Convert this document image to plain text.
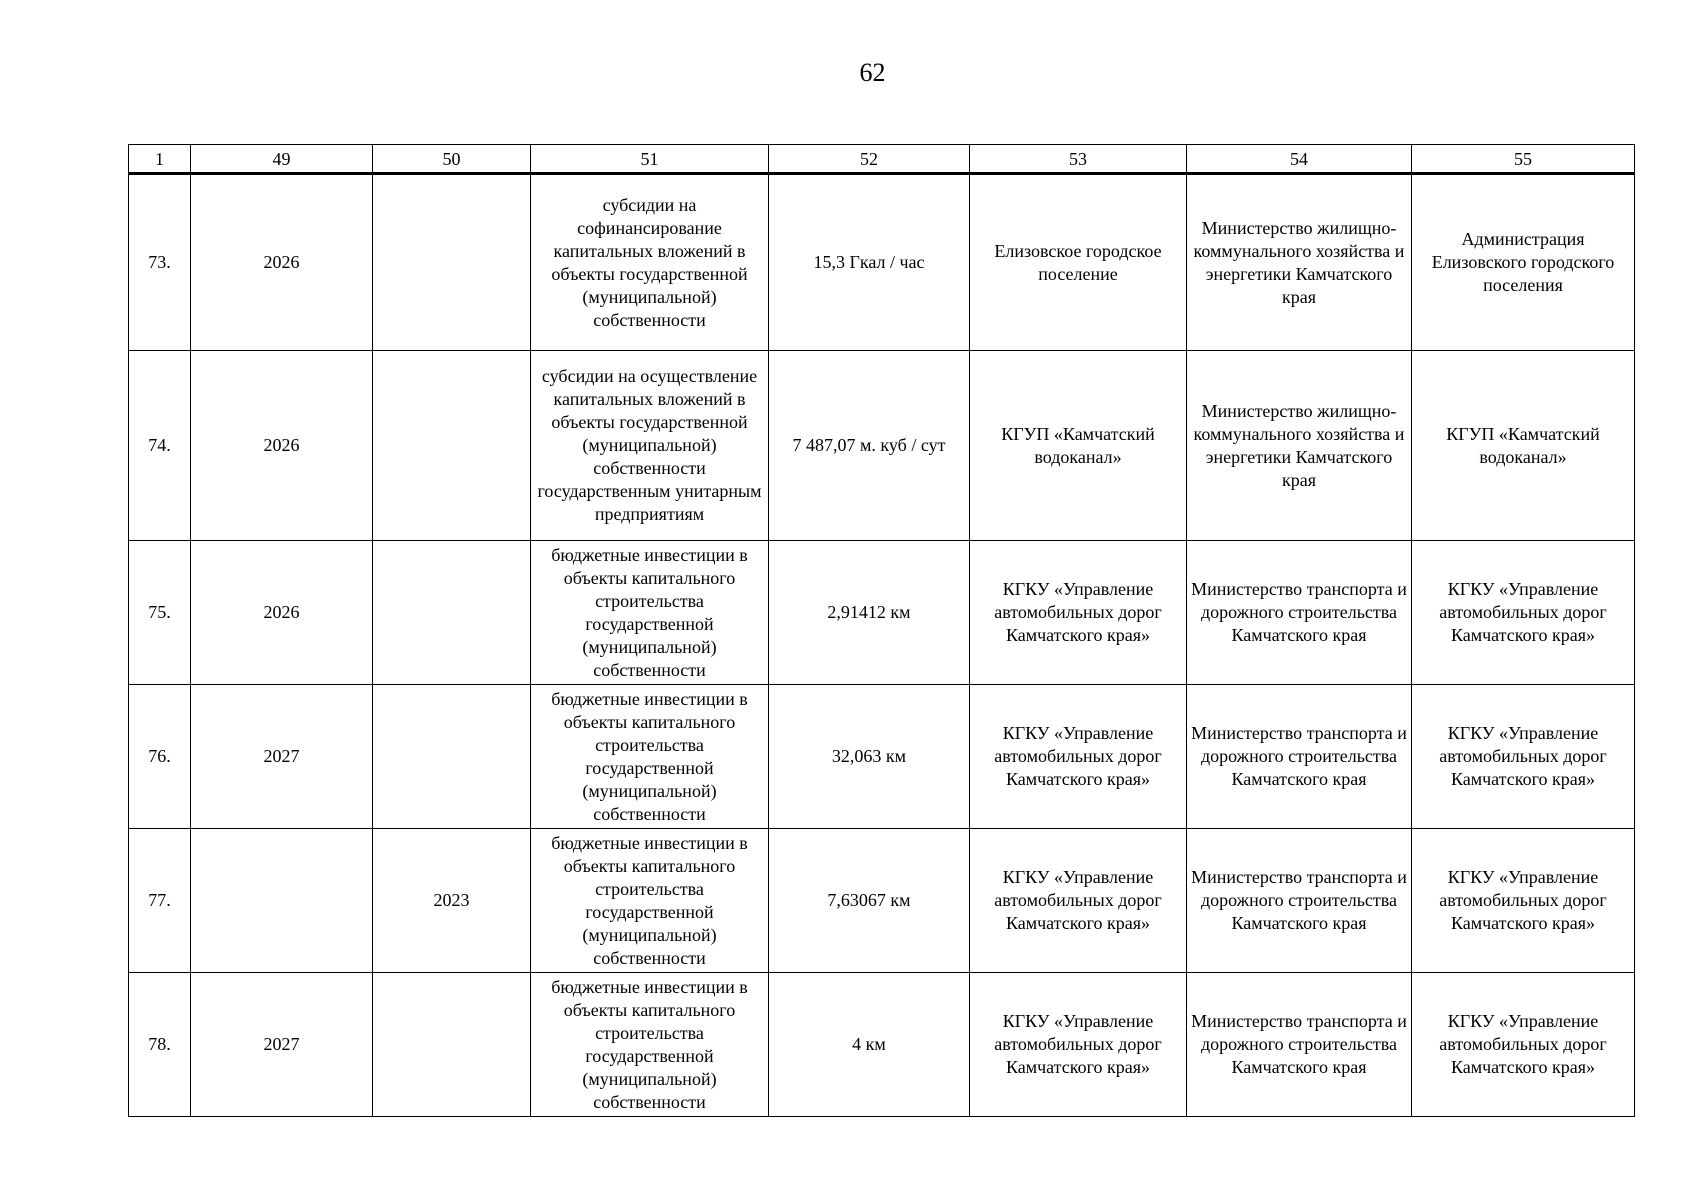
62
1	49	50	51	52	53	54	55
73.	2026		субсидии на софинансирование капитальных вложений в объекты государственной (муниципальной) собственности	15,3 Гкал / час	Елизовское городское поселение	Министерство жилищно-коммунального хозяйства и энергетики Камчатского края	Администрация Елизовского городского поселения
74.	2026		субсидии на осуществление капитальных вложений в объекты государственной (муниципальной) собственности государственным унитарным предприятиям	7 487,07 м. куб / сут	КГУП «Камчатский водоканал»	Министерство жилищно-коммунального хозяйства и энергетики Камчатского края	КГУП «Камчатский водоканал»
75.	2026		бюджетные инвестиции в объекты капитального строительства государственной (муниципальной) собственности	2,91412 км	КГКУ «Управление автомобильных дорог Камчатского края»	Министерство транспорта и дорожного строительства Камчатского края	КГКУ «Управление автомобильных дорог Камчатского края»
76.	2027		бюджетные инвестиции в объекты капитального строительства государственной (муниципальной) собственности	32,063 км	КГКУ «Управление автомобильных дорог Камчатского края»	Министерство транспорта и дорожного строительства Камчатского края	КГКУ «Управление автомобильных дорог Камчатского края»
77.		2023	бюджетные инвестиции в объекты капитального строительства государственной (муниципальной) собственности	7,63067 км	КГКУ «Управление автомобильных дорог Камчатского края»	Министерство транспорта и дорожного строительства Камчатского края	КГКУ «Управление автомобильных дорог Камчатского края»
78.	2027		бюджетные инвестиции в объекты капитального строительства государственной (муниципальной) собственности	4 км	КГКУ «Управление автомобильных дорог Камчатского края»	Министерство транспорта и дорожного строительства Камчатского края	КГКУ «Управление автомобильных дорог Камчатского края»
